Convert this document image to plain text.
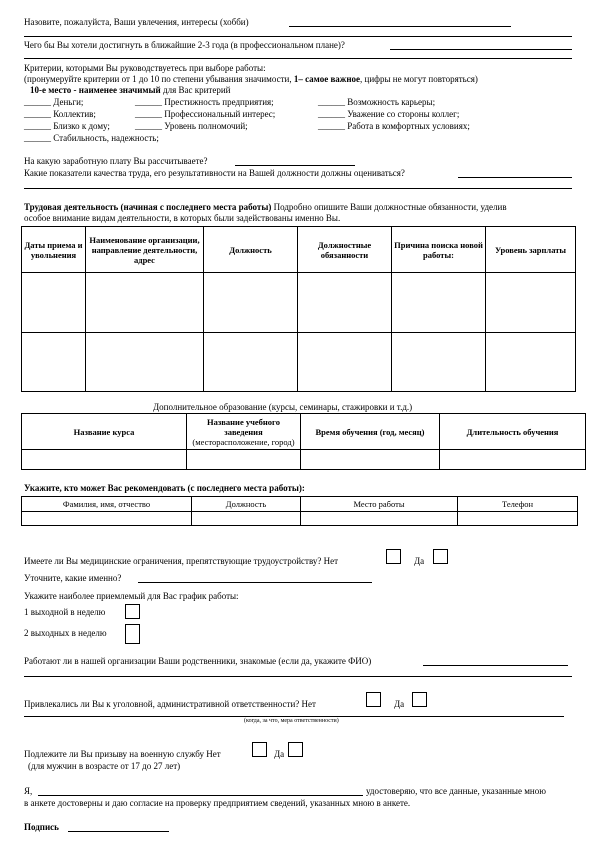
Назовите, пожалуйста, Ваши увлечения, интересы (хобби)
Чего бы Вы хотели достигнуть в ближайшие 2-3 года (в профессиональном плане)?
Критерии, которыми Вы руководствуетесь при выборе работы:
(пронумеруйте критерии от 1 до 10 по степени убывания значимости, 1– самое важное, цифры не могут повторяться)
10-е место - наименее значимый для Вас критерий
______ Деньги;	______ Престижность предприятия;	______ Возможность карьеры;
______ Коллектив;	______ Профессиональный интерес;	______ Уважение со стороны коллег;
______ Близко к дому;	______ Уровень полномочий;	______ Работа в комфортных условиях;
______ Стабильность, надежность;
На какую заработную плату Вы рассчитываете?
Какие показатели качества труда, его результативности на Вашей должности должны оцениваться?
Трудовая деятельность (начиная с последнего места работы) Подробно опишите Ваши должностные обязанности, уделив
особое внимание видам деятельности, в которых были задействованы именно Вы.
Даты приема и увольнения	Наименование организации, направление деятельности, адрес	Должность	Должностные обязанности	Причина поиска новой работы:	Уровень зарплаты

Дополнительное образование (курсы, семинары, стажировки и т.д.)
Название курса	Название учебного заведения
(месторасположение, город)	Время обучения (год, месяц)	Длительность обучения

Укажите, кто может Вас рекомендовать (с последнего места работы):
Фамилия, имя, отчество	Должность	Место работы	Телефон

Имеете ли Вы медицинские ограничения, препятствующие трудоустройству? Нет	Да
Уточните, какие именно?
Укажите наиболее приемлемый для Вас график работы:
1 выходной в неделю
2 выходных в неделю
Работают ли в нашей организации Ваши родственники, знакомые (если да, укажите ФИО)
Привлекались ли Вы к уголовной, административной ответственности? Нет	Да
(когда, за что, мера ответственности)
Подлежите ли Вы призыву на военную службу Нет	Да
(для мужчин в возрасте от 17 до 27 лет)
Я,	удостоверяю, что все данные, указанные мною
в анкете достоверны и даю согласие на проверку предприятием сведений, указанных мною в анкете.
Подпись
